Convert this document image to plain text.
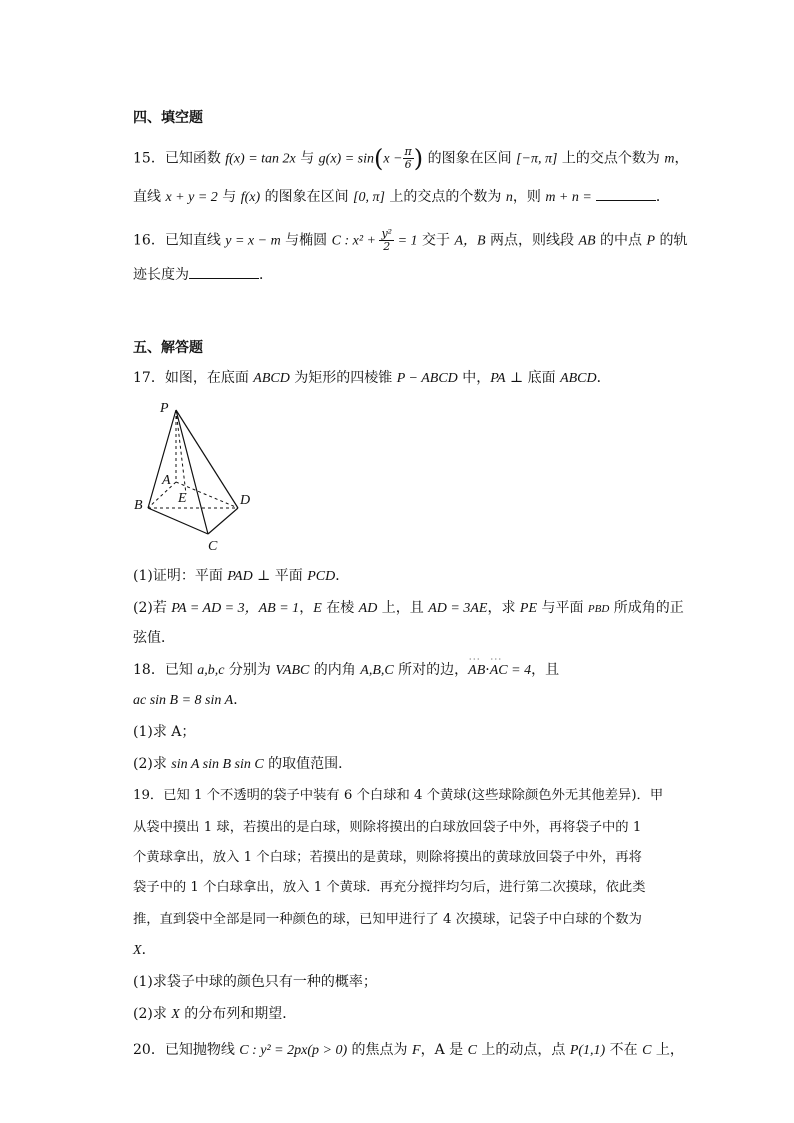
四、填空题
15．已知函数 f(x) = tan 2x 与 $g(x) = \sin(x - \frac{\pi}{6}$ ) 的图象在区间 [−π, π] 上的交点个数为 m，
直线 x + y = 2 与 f(x) 的图象在区间 [0, π] 上的交点的个数为 n，则 m + n =	．
16．已知直线 y = x − m 与椭圆 C : $x^2 + \frac{\text{y²}}{2} = 1$ 交于 A，B 两点，则线段 AB 的中点 P 的轨
迹长度为	．
五、解答题
17．如图，在底面 ABCD 为矩形的四棱锥 P − ABCD 中，PA ⊥ 底面 ABCD．
P
A
E
B	D
C
(1)证明：平面 PAD ⊥ 平面 PCD．
(2)若 PA = AD = 3，AB = 1，E 在棱 AD 上，且 AD = 3AE，求 PE 与平面 PBD 所成角的正
弦值．
18．已知 a,b,c 分别为 VABC 的内角 A,B,C 所对的边，˙˙˙ AB·˙˙˙ AC = 4，且
ac sin B = 8 sin A．
(1)求 A；
(2)求 sin A sin B sin C 的取值范围．
19．已知 1 个不透明的袋子中装有 6 个白球和 4 个黄球(这些球除颜色外无其他差异)．甲
从袋中摸出 1 球，若摸出的是白球，则除将摸出的白球放回袋子中外，再将袋子中的 1
个黄球拿出，放入 1 个白球；若摸出的是黄球，则除将摸出的黄球放回袋子中外，再将
袋子中的 1 个白球拿出，放入 1 个黄球．再充分搅拌均匀后，进行第二次摸球，依此类
推，直到袋中全部是同一种颜色的球，已知甲进行了 4 次摸球，记袋子中白球的个数为
X．
(1)求袋子中球的颜色只有一种的概率；
(2)求 X 的分布列和期望．
20．已知抛物线 C : y² = 2px(p > 0) 的焦点为 F，A 是 C 上的动点，点 P(1,1) 不在 C 上，
